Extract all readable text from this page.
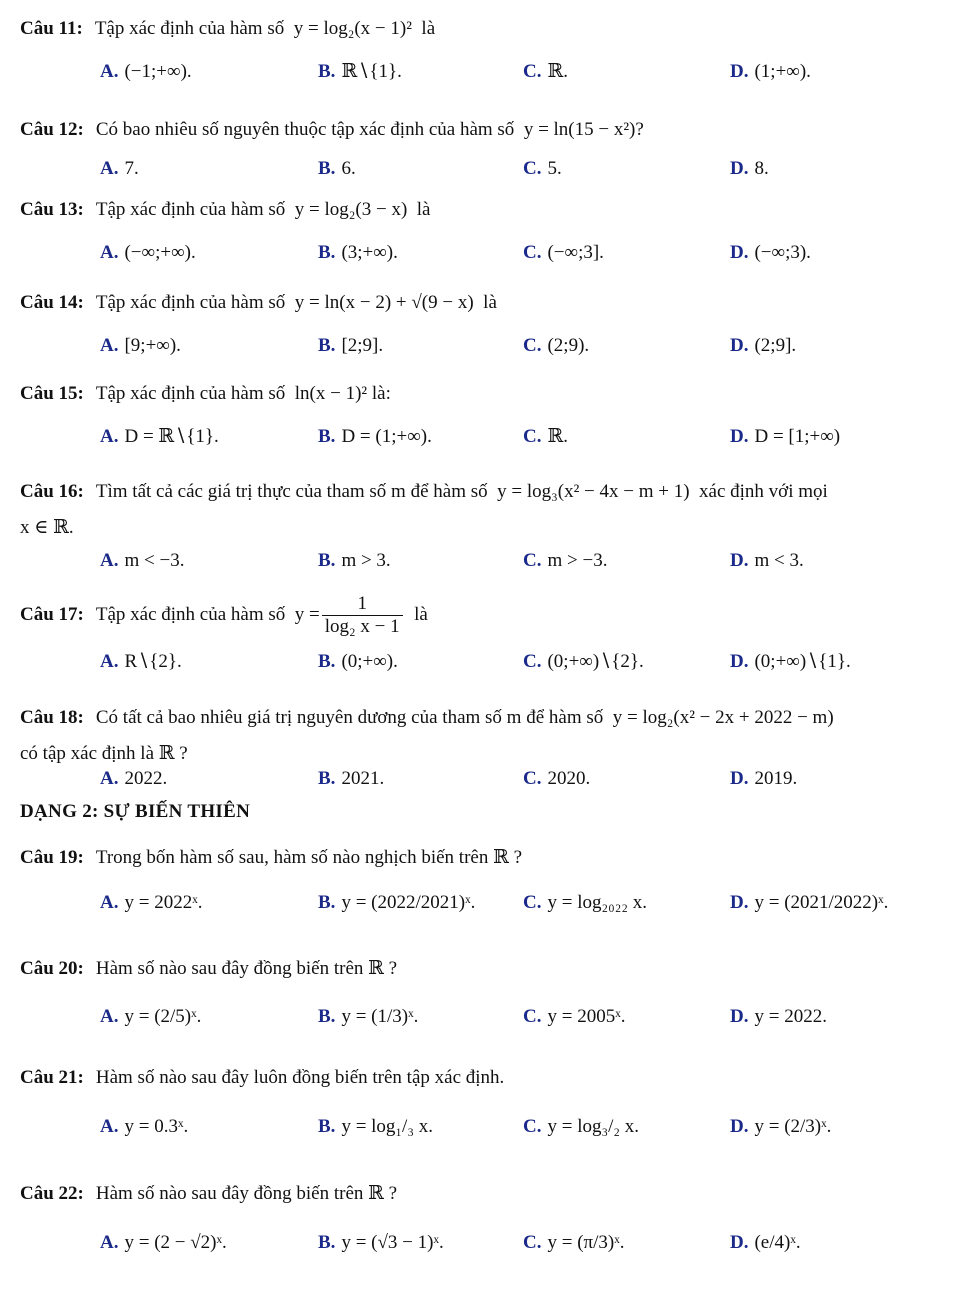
Câu 11: Tập xác định của hàm số y = log₂(x − 1)² là
A. (−1;+∞).	B. ℝ∖{1}.	C. ℝ.	D. (1;+∞).
Câu 12: Có bao nhiêu số nguyên thuộc tập xác định của hàm số y = ln(15 − x²)?
A. 7.	B. 6.	C. 5.	D. 8.
Câu 13: Tập xác định của hàm số y = log₂(3 − x) là
A. (−∞;+∞).	B. (3;+∞).	C. (−∞;3].	D. (−∞;3).
Câu 14: Tập xác định của hàm số y = ln(x − 2) + √(9 − x) là
A. [9;+∞).	B. [2;9].	C. (2;9).	D. (2;9].
Câu 15: Tập xác định của hàm số ln(x − 1)² là:
A. D = ℝ∖{1}.	B. D = (1;+∞).	C. ℝ.	D. D = [1;+∞)
Câu 16: Tìm tất cả các giá trị thực của tham số m để hàm số y = log₃(x² − 4x − m + 1) xác định với mọi
x ∈ ℝ.
A. m < −3.	B. m > 3.	C. m > −3.	D. m < 3.
Câu 17: Tập xác định của hàm số $y = \frac{1}{\text{log₂ x − 1}}$ là
A. R∖{2}.	B. (0;+∞).	C. (0;+∞)∖{2}.	D. (0;+∞)∖{1}.
Câu 18: Có tất cả bao nhiêu giá trị nguyên dương của tham số m để hàm số y = log₂(x² − 2x + 2022 − m)
có tập xác định là ℝ ?
A. 2022.	B. 2021.	C. 2020.	D. 2019.
DẠNG 2: SỰ BIẾN THIÊN
Câu 19: Trong bốn hàm số sau, hàm số nào nghịch biến trên ℝ ?
A. y = 2022ˣ.	B. y = (2022/2021)ˣ.	C. y = log₂₀₂₂ x.	D. y = (2021/2022)ˣ.
Câu 20: Hàm số nào sau đây đồng biến trên ℝ ?
A. y = (2/5)ˣ.	B. y = (1/3)ˣ.	C. y = 2005ˣ.	D. y = 2022.
Câu 21: Hàm số nào sau đây luôn đồng biến trên tập xác định.
A. y = 0.3ˣ.	B. y = log₁/₃ x.	C. y = log₃/₂ x.	D. y = (2/3)ˣ.
Câu 22: Hàm số nào sau đây đồng biến trên ℝ ?
A. y = (2 − √2)ˣ.	B. y = (√3 − 1)ˣ.	C. y = (π/3)ˣ.	D. (e/4)ˣ.
